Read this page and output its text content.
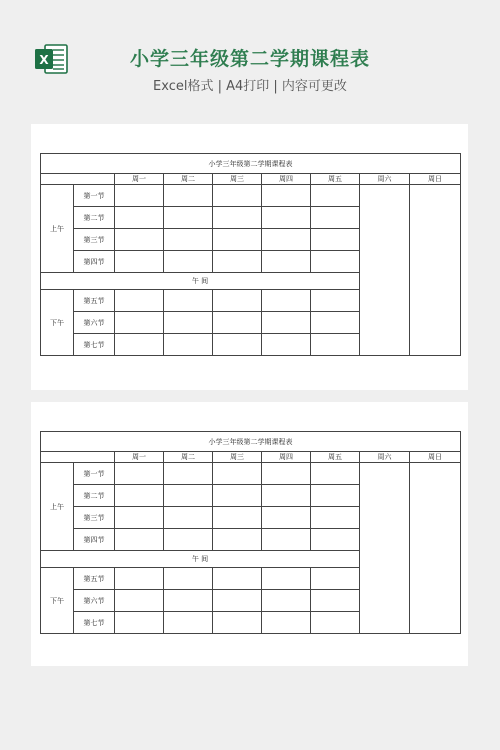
X	小学三年级第二学期课程表
Excel格式 | A4打印 | 内容可更改
小学三年级第二学期课程表								
		周一	周二	周三	周四	周五	周六	周日
上午	第一节							
	第二节							
	第三节							
	第四节							
午 间								
下午	第五节							
	第六节							
	第七节							
小学三年级第二学期课程表								
		周一	周二	周三	周四	周五	周六	周日
上午	第一节							
	第二节							
	第三节							
	第四节							
午 间								
下午	第五节							
	第六节							
	第七节							
